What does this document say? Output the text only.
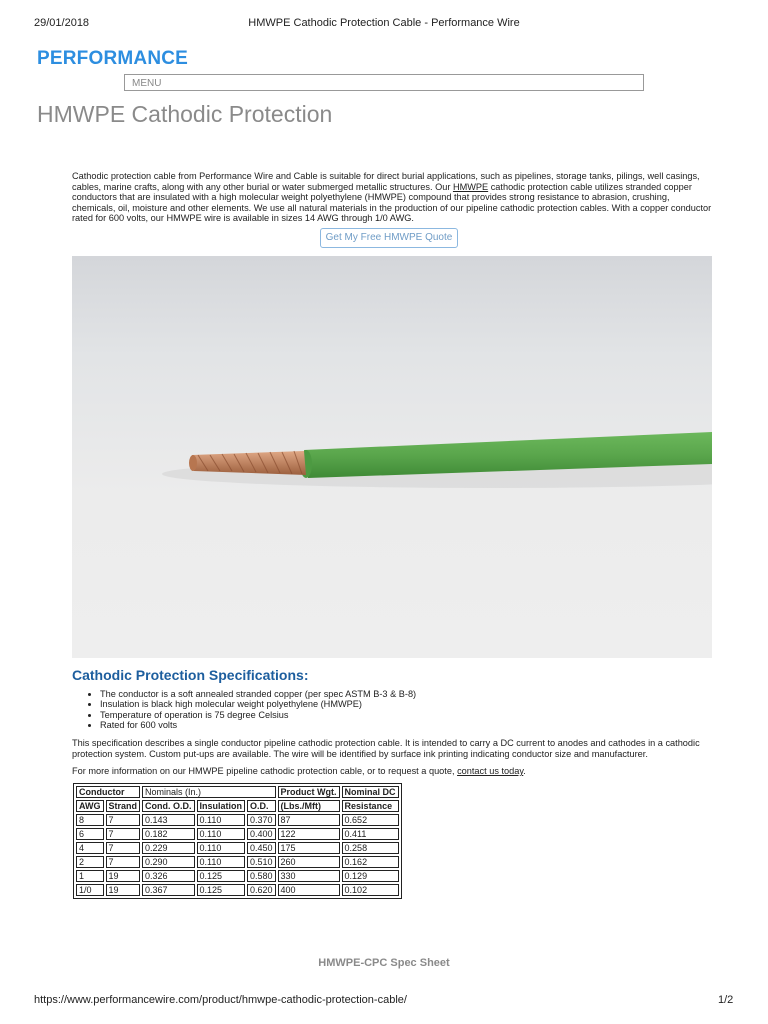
29/01/2018	HMWPE Cathodic Protection Cable - Performance Wire
PERFORMANCE
MENU
HMWPE Cathodic Protection

Cathodic protection cable from Performance Wire and Cable is suitable for direct burial applications, such as pipelines, storage tanks, pilings, well casings, cables, marine crafts, along with any other burial or water submerged metallic structures. Our HMWPE cathodic protection cable utilizes stranded copper conductors that are insulated with a high molecular weight polyethylene (HMWPE) compound that provides strong resistance to abrasion, crushing, chemicals, oil, moisture and other elements. We use all natural materials in the production of our pipeline cathodic protection cables. With a copper conductor rated for 600 volts, our HMWPE wire is available in sizes 14 AWG through 1/0 AWG.

Get My Free HMWPE Quote
Cathodic Protection Specifications:
• The conductor is a soft annealed stranded copper (per spec ASTM B-3 & B-8)
• Insulation is black high molecular weight polyethylene (HMWPE)
• Temperature of operation is 75 degree Celsius
• Rated for 600 volts

This specification describes a single conductor pipeline cathodic protection cable. It is intended to carry a DC current to anodes and cathodes in a cathodic protection system. Custom put-ups are available. The wire will be identified by surface ink printing indicating conductor size and manufacturer.

For more information on our HMWPE pipeline cathodic protection cable, or to request a quote, contact us today.

Conductor		Nominals (In.)			Product Wgt.	Nominal DC
AWG	Strand	Cond. O.D.	Insulation	O.D.	(Lbs./Mft)	Resistance
8	7	0.143	0.110	0.370	87	0.652
6	7	0.182	0.110	0.400	122	0.411
4	7	0.229	0.110	0.450	175	0.258
2	7	0.290	0.110	0.510	260	0.162
1	19	0.326	0.125	0.580	330	0.129
1/0	19	0.367	0.125	0.620	400	0.102
HMWPE-CPC Spec Sheet
https://www.performancewire.com/product/hmwpe-cathodic-protection-cable/	1/2
